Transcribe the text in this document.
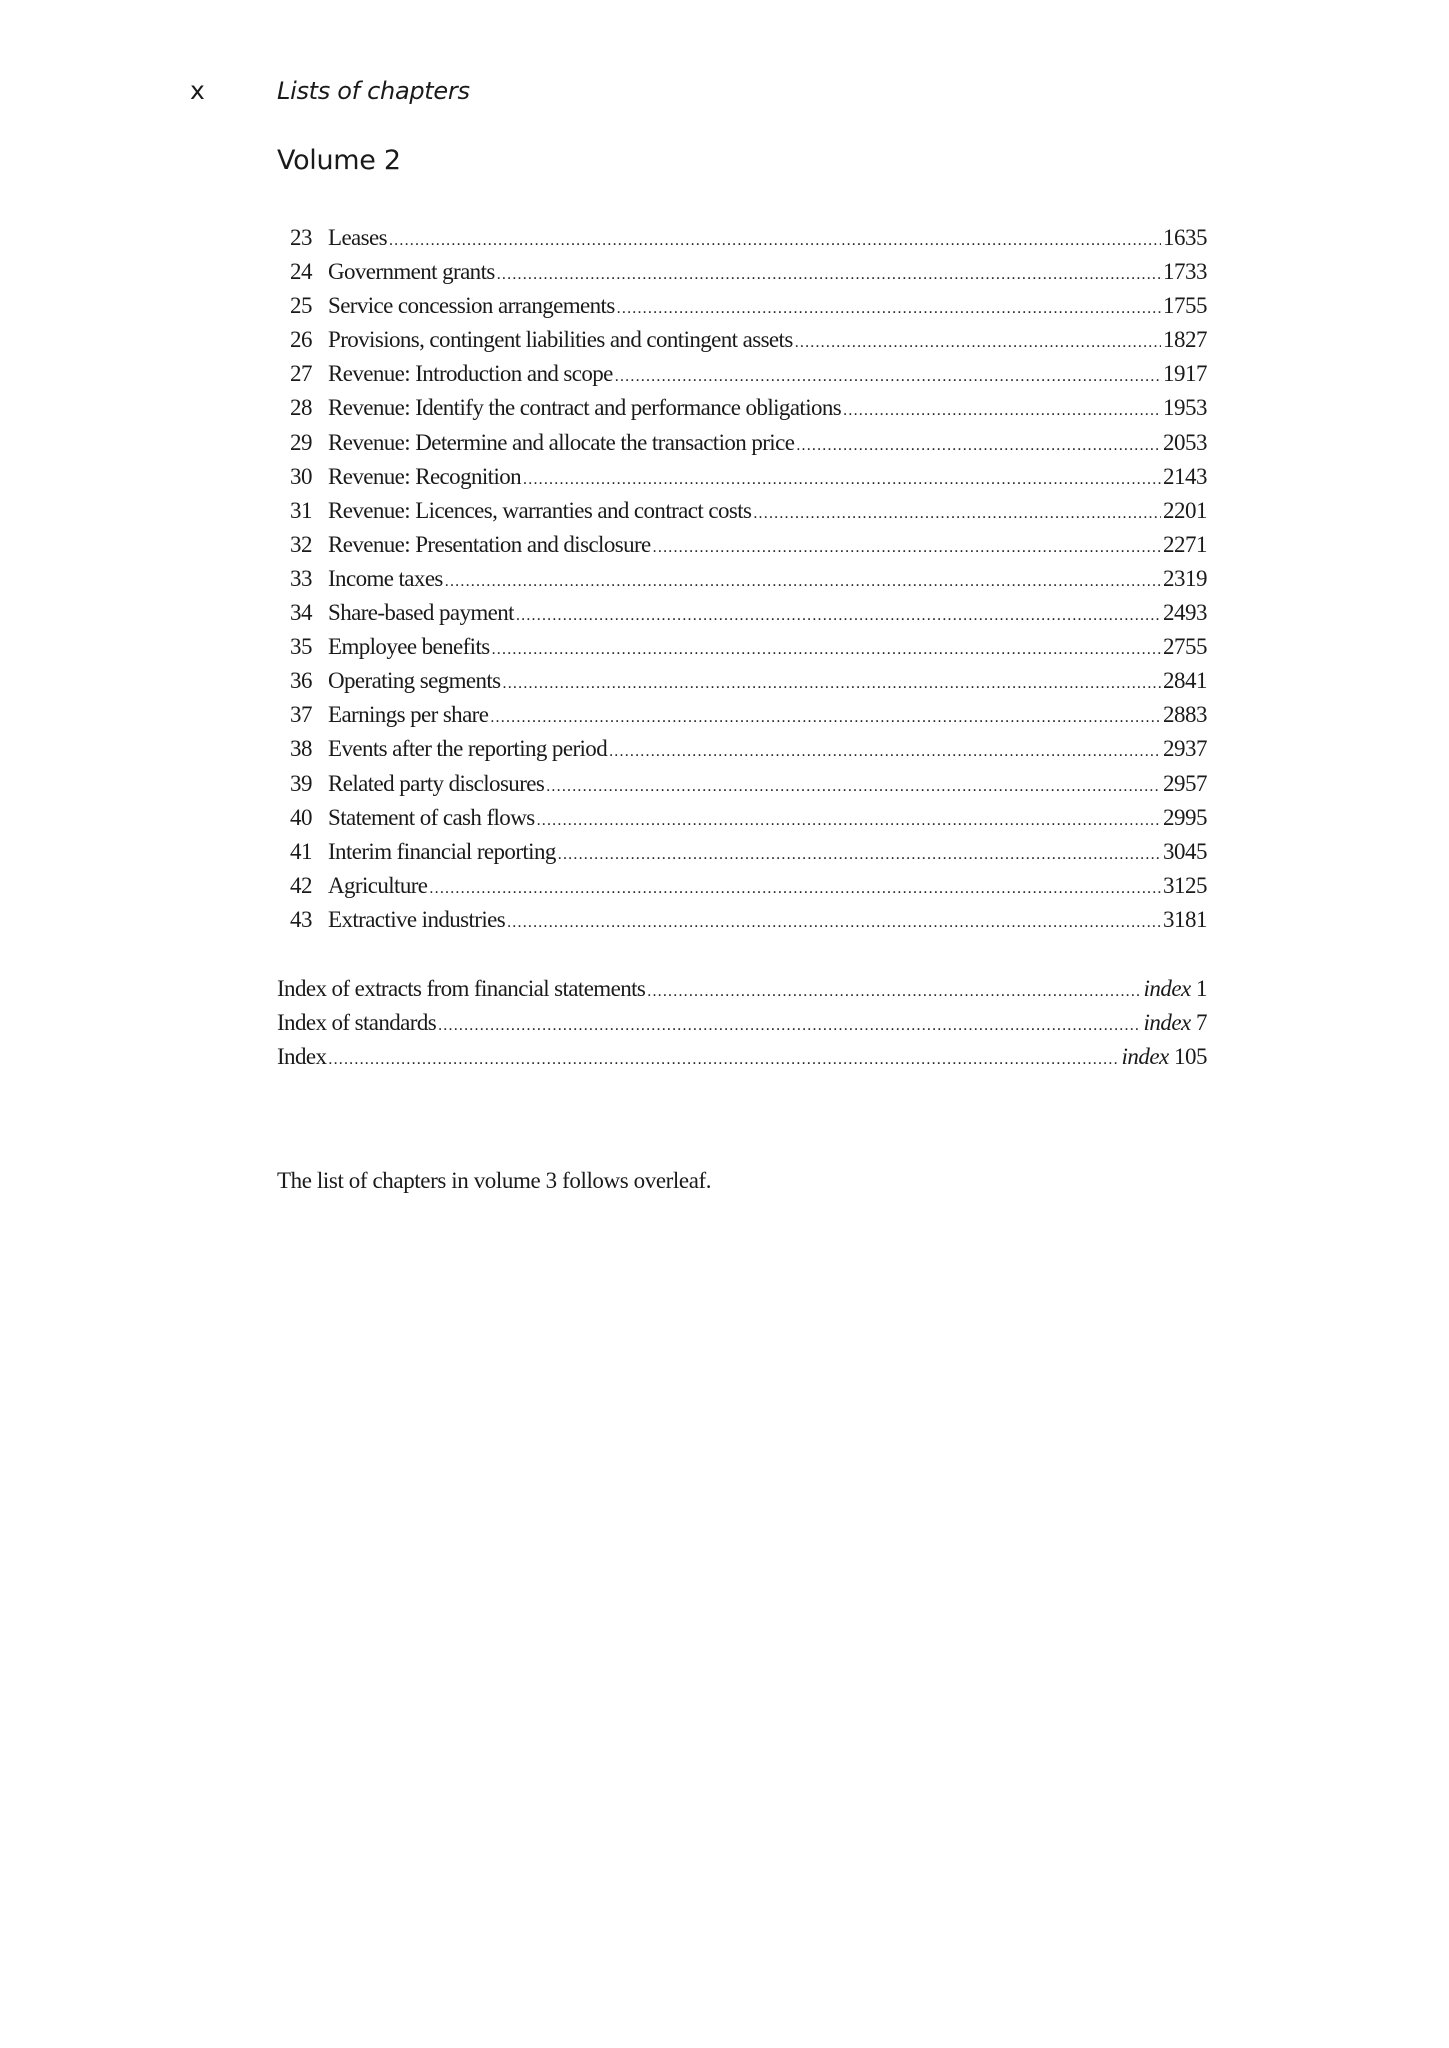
x	Lists of chapters
Volume 2
23 Leases .....	1635
24 Government grants .....	1733
25 Service concession arrangements .....	1755
26 Provisions, contingent liabilities and contingent assets .....	1827
27 Revenue: Introduction and scope .....	1917
28 Revenue: Identify the contract and performance obligations .....	1953
29 Revenue: Determine and allocate the transaction price .....	2053
30 Revenue: Recognition .....	2143
31 Revenue: Licences, warranties and contract costs .....	2201
32 Revenue: Presentation and disclosure .....	2271
33 Income taxes .....	2319
34 Share-based payment .....	2493
35 Employee benefits .....	2755
36 Operating segments .....	2841
37 Earnings per share .....	2883
38 Events after the reporting period .....	2937
39 Related party disclosures .....	2957
40 Statement of cash flows .....	2995
41 Interim financial reporting .....	3045
42 Agriculture .....	3125
43 Extractive industries .....	3181
Index of extracts from financial statements .....	index 1
Index of standards .....	index 7
Index .....	index 105

The list of chapters in volume 3 follows overleaf.
